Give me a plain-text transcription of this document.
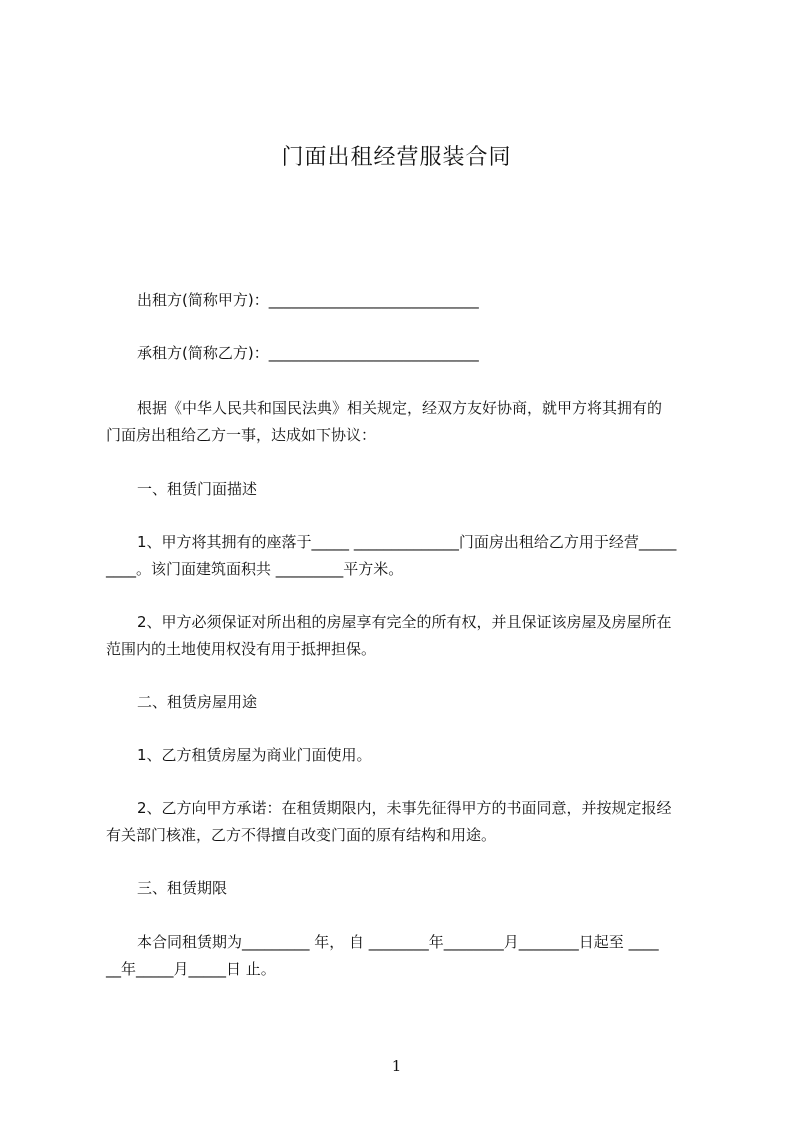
门面出租经营服装合同
出租方(简称甲方)：____________________________
承租方(简称乙方)：____________________________
根据《中华人民共和国民法典》相关规定，经双方友好协商，就甲方将其拥有的
门面房出租给乙方一事，达成如下协议：
一、租赁门面描述
1、甲方将其拥有的座落于_____ ______________门面房出租给乙方用于经营_____
____。该门面建筑面积共 _________平方米。
2、甲方必须保证对所出租的房屋享有完全的所有权，并且保证该房屋及房屋所在
范围内的土地使用权没有用于抵押担保。
二、租赁房屋用途
1、乙方租赁房屋为商业门面使用。
2、乙方向甲方承诺：在租赁期限内，未事先征得甲方的书面同意，并按规定报经
有关部门核准，乙方不得擅自改变门面的原有结构和用途。
三、租赁期限
本合同租赁期为_________ 年， 自 ________年________月________日起至 ____
__年_____月_____日 止。
1
